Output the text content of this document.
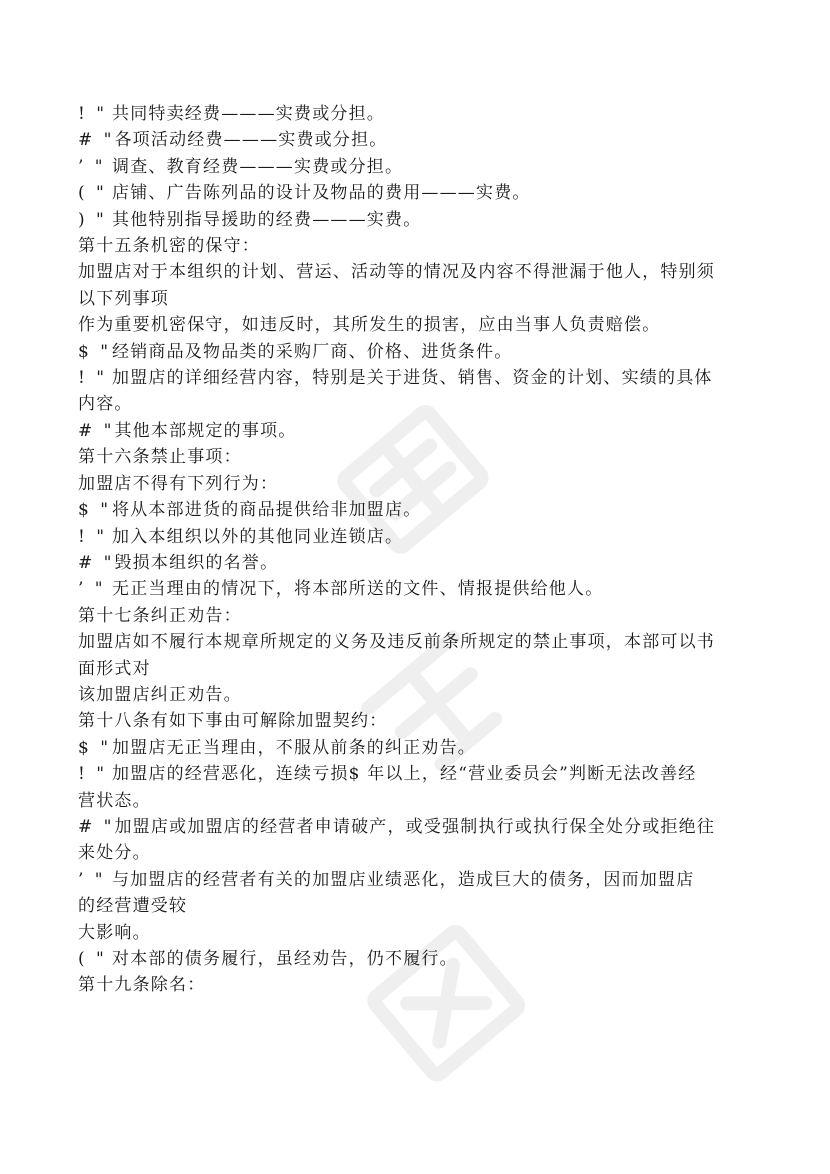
! " 共同特卖经费———实费或分担。

# "各项活动经费———实费或分担。

’ " 调查、教育经费———实费或分担。

( " 店铺、广告陈列品的设计及物品的费用———实费。

) " 其他特别指导援助的经费———实费。

第十五条机密的保守：

加盟店对于本组织的计划、营运、活动等的情况及内容不得泄漏于他人，特别须

以下列事项

作为重要机密保守，如违反时，其所发生的损害，应由当事人负责赔偿。

$ "经销商品及物品类的采购厂商、价格、进货条件。

! " 加盟店的详细经营内容，特别是关于进货、销售、资金的计划、实绩的具体

内容。

# "其他本部规定的事项。

第十六条禁止事项：

加盟店不得有下列行为：

$ "将从本部进货的商品提供给非加盟店。

! " 加入本组织以外的其他同业连锁店。

# "毁损本组织的名誉。

’ " 无正当理由的情况下，将本部所送的文件、情报提供给他人。

第十七条纠正劝告：

加盟店如不履行本规章所规定的义务及违反前条所规定的禁止事项，本部可以书

面形式对

该加盟店纠正劝告。

第十八条有如下事由可解除加盟契约：

$ "加盟店无正当理由，不服从前条的纠正劝告。

! " 加盟店的经营恶化，连续亏损$ 年以上，经“营业委员会”判断无法改善经

营状态。

# "加盟店或加盟店的经营者申请破产，或受强制执行或执行保全处分或拒绝往

来处分。

’ " 与加盟店的经营者有关的加盟店业绩恶化，造成巨大的债务，因而加盟店

的经营遭受较

大影响。

( " 对本部的债务履行，虽经劝告，仍不履行。

第十九条除名：
